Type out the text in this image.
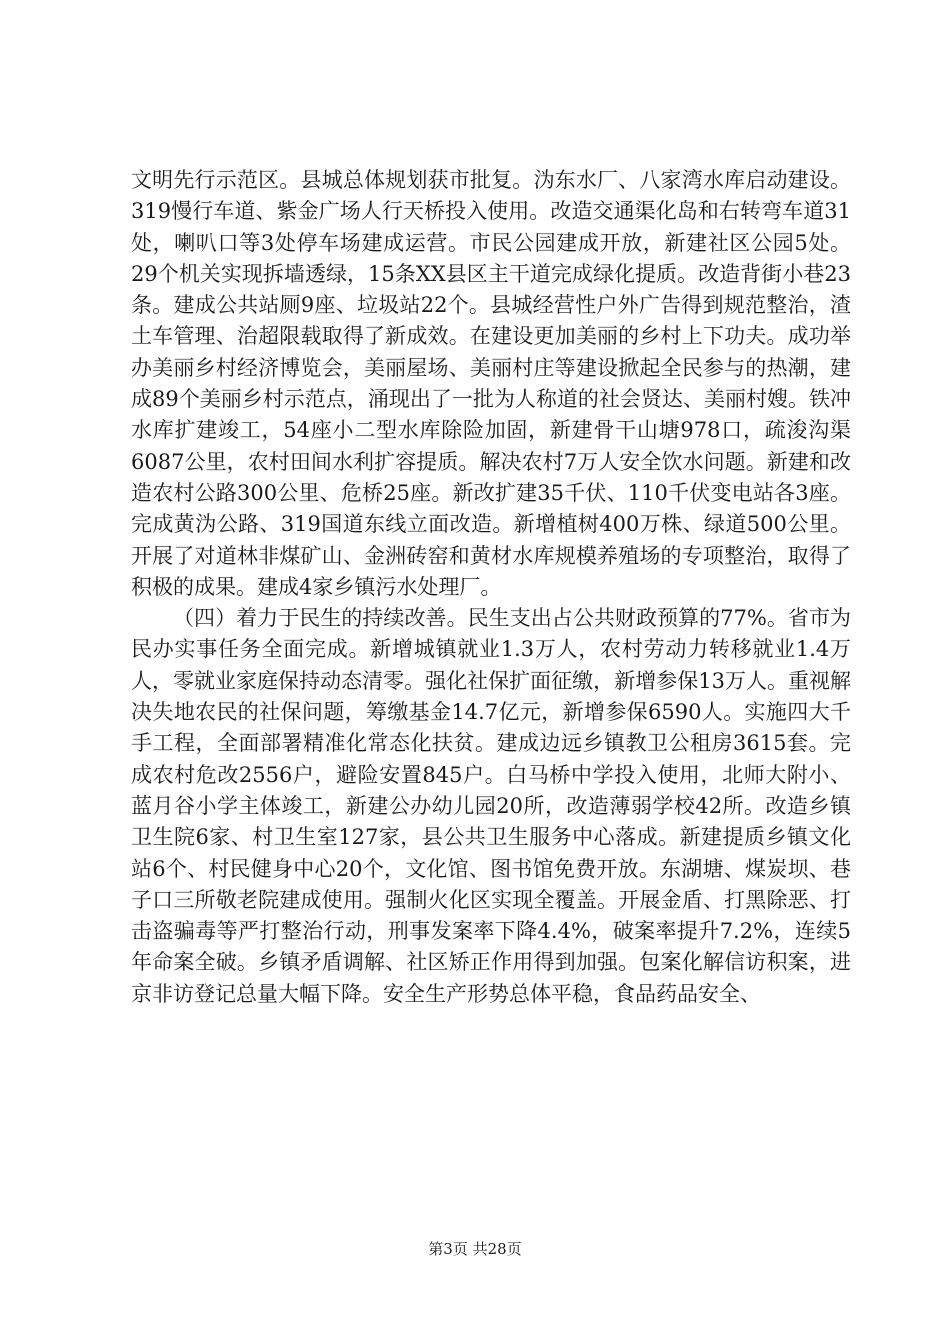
文明先行示范区。县城总体规划获市批复。沩东水厂、八家湾水库启动建设。319慢行车道、紫金广场人行天桥投入使用。改造交通渠化岛和右转弯车道31处，喇叭口等3处停车场建成运营。市民公园建成开放，新建社区公园5处。29个机关实现拆墙透绿，15条XX县区主干道完成绿化提质。改造背街小巷23条。建成公共站厕9座、垃圾站22个。县城经营性户外广告得到规范整治，渣土车管理、治超限载取得了新成效。在建设更加美丽的乡村上下功夫。成功举办美丽乡村经济博览会，美丽屋场、美丽村庄等建设掀起全民参与的热潮，建成89个美丽乡村示范点，涌现出了一批为人称道的社会贤达、美丽村嫂。铁冲水库扩建竣工，54座小二型水库除险加固，新建骨干山塘978口，疏浚沟渠6087公里，农村田间水利扩容提质。解决农村7万人安全饮水问题。新建和改造农村公路300公里、危桥25座。新改扩建35千伏、110千伏变电站各3座。完成黄沩公路、319国道东线立面改造。新增植树400万株、绿道500公里。开展了对道林非煤矿山、金洲砖窑和黄材水库规模养殖场的专项整治，取得了积极的成果。建成4家乡镇污水处理厂。

（四）着力于民生的持续改善。民生支出占公共财政预算的77%。省市为民办实事任务全面完成。新增城镇就业1.3万人，农村劳动力转移就业1.4万人，零就业家庭保持动态清零。强化社保扩面征缴，新增参保13万人。重视解决失地农民的社保问题，筹缴基金14.7亿元，新增参保6590人。实施四大千手工程，全面部署精准化常态化扶贫。建成边远乡镇教卫公租房3615套。完成农村危改2556户，避险安置845户。白马桥中学投入使用，北师大附小、蓝月谷小学主体竣工，新建公办幼儿园20所，改造薄弱学校42所。改造乡镇卫生院6家、村卫生室127家，县公共卫生服务中心落成。新建提质乡镇文化站6个、村民健身中心20个，文化馆、图书馆免费开放。东湖塘、煤炭坝、巷子口三所敬老院建成使用。强制火化区实现全覆盖。开展金盾、打黑除恶、打击盗骗毒等严打整治行动，刑事发案率下降4.4%，破案率提升7.2%，连续5年命案全破。乡镇矛盾调解、社区矫正作用得到加强。包案化解信访积案，进京非访登记总量大幅下降。安全生产形势总体平稳，食品药品安全、

第3页 共28页
